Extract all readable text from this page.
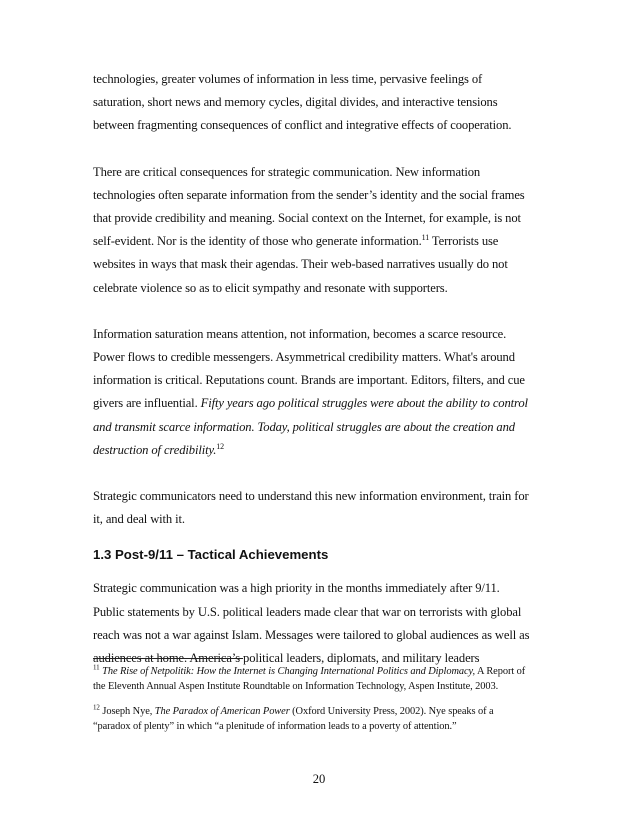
technologies, greater volumes of information in less time, pervasive feelings of
saturation, short news and memory cycles, digital divides, and interactive tensions
between fragmenting consequences of conflict and integrative effects of cooperation.
There are critical consequences for strategic communication. New information
technologies often separate information from the sender’s identity and the social frames
that provide credibility and meaning. Social context on the Internet, for example, is not
self-evident. Nor is the identity of those who generate information.$^{11}$ Terrorists use
websites in ways that mask their agendas. Their web-based narratives usually do not
celebrate violence so as to elicit sympathy and resonate with supporters.
Information saturation means attention, not information, becomes a scarce resource.
Power flows to credible messengers. Asymmetrical credibility matters. What's around
information is critical. Reputations count. Brands are important. Editors, filters, and cue
givers are influential. Fifty years ago political struggles were about the ability to control
and transmit scarce information. Today, political struggles are about the creation and
destruction of credibility.$^{12}$
Strategic communicators need to understand this new information environment, train for
it, and deal with it.
1.3 Post-9/11 – Tactical Achievements
Strategic communication was a high priority in the months immediately after 9/11.
Public statements by U.S. political leaders made clear that war on terrorists with global
reach was not a war against Islam. Messages were tailored to global audiences as well as
audiences at home. America’s political leaders, diplomats, and military leaders
$^{11}$ The Rise of Netpolitik: How the Internet is Changing International Politics and Diplomacy, A Report of
the Eleventh Annual Aspen Institute Roundtable on Information Technology, Aspen Institute, 2003.
$^{12}$ Joseph Nye, The Paradox of American Power (Oxford University Press, 2002). Nye speaks of a
“paradox of plenty” in which “a plenitude of information leads to a poverty of attention.”
20
